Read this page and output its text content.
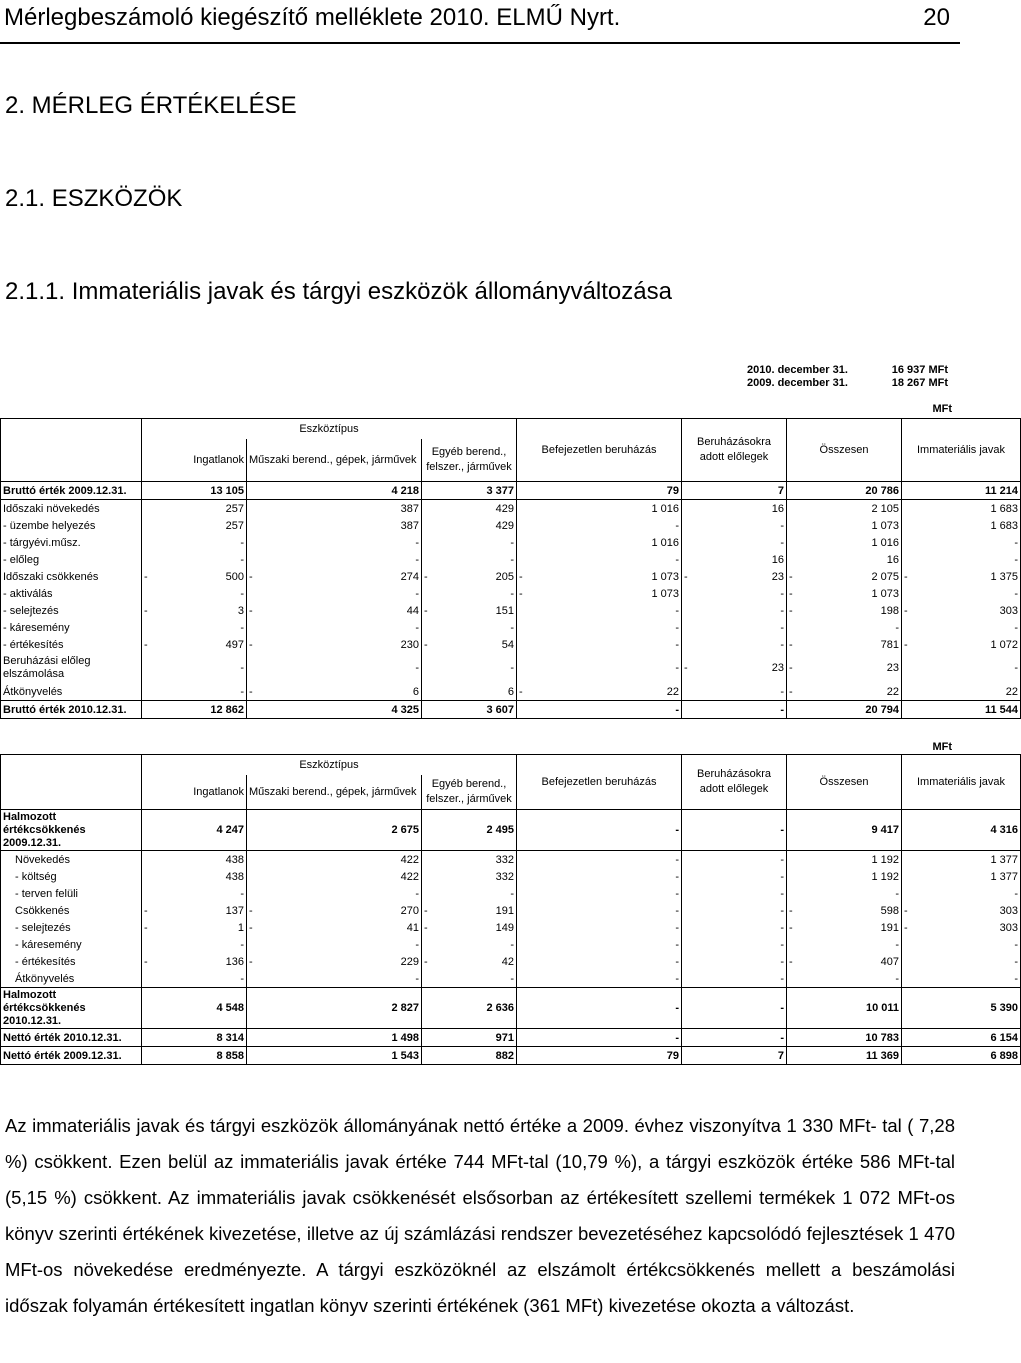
Mérlegbeszámoló kiegészítő melléklete 2010. ELMŰ Nyrt.	20
2. MÉRLEG ÉRTÉKELÉSE
2.1. ESZKÖZÖK
2.1.1. Immateriális javak és tárgyi eszközök állományváltozása
2010. december 31.	16 937 MFt
2009. december 31.	18 267 MFt
MFt
	Eszköztípus						Befejezetlen beruházás		Beruházásokra
adott előlegek		Összesen		Immateriális javak	
	Ingatlanok		Műszaki berend., gépek, járművek		Egyéb berend.,
felszer., járművek									

Bruttó érték 2009.12.31.		13 105		4 218		3 377		79		7		20 786		11 214
Időszaki növekedés		257		387		429		1 016		16		2 105		1 683
- üzembe helyezés		257		387		429		-		-		1 073		1 683
- tárgyévi.műsz.		-		-		-		1 016		-		1 016		-
- előleg		-		-		-		-		16		16		-
Időszaki csökkenés	-	500	-	274	-	205	-	1 073	-	23	-	2 075	-	1 375
- aktiválás		-		-		-	-	1 073		-	-	1 073		-
- selejtezés	-	3	-	44	-	151		-		-	-	198	-	303
- káresemény		-		-		-		-		-		-		-
- értékesítés	-	497	-	230	-	54		-		-	-	781	-	1 072
Beruházási előleg elszámolása		-		-		-		-	-	23	-	23		-
Átkönyvelés		-	-	6		6	-	22		-	-	22		22
Bruttó érték 2010.12.31.		12 862		4 325		3 607		-		-		20 794		11 544
MFt
	Eszköztípus						Befejezetlen beruházás		Beruházásokra
adott előlegek		Összesen		Immateriális javak	
	Ingatlanok		Műszaki berend., gépek, járművek		Egyéb berend.,
felszer., járművek									

Halmozott értékcsökkenés 2009.12.31.		4 247		2 675		2 495		-		-		9 417		4 316
Növekedés		438		422		332		-		-		1 192		1 377
- költség		438		422		332		-		-		1 192		1 377
- terven felüli		-		-		-		-		-		-		-
Csökkenés	-	137	-	270	-	191		-		-	-	598	-	303
- selejtezés	-	1	-	41	-	149		-		-	-	191	-	303
- káresemény		-		-		-		-		-		-		-
- értékesítés	-	136	-	229	-	42		-		-	-	407		-
Átkönyvelés		-		-		-		-		-		-		-
Halmozott értékcsökkenés 2010.12.31.		4 548		2 827		2 636		-		-		10 011		5 390
Nettó érték 2010.12.31.		8 314		1 498		971		-		-		10 783		6 154
Nettó érték 2009.12.31.		8 858		1 543		882		79		7		11 369		6 898
Az immateriális javak és tárgyi eszközök állományának nettó értéke a 2009. évhez viszonyítva 1 330 MFt- tal ( 7,28 %) csökkent. Ezen belül az immateriális javak értéke 744 MFt-tal (10,79 %), a tárgyi eszközök értéke 586 MFt-tal (5,15 %) csökkent. Az immateriális javak csökkenését elsősorban az értékesített szellemi termékek 1 072 MFt-os könyv szerinti értékének kivezetése, illetve az új számlázási rendszer bevezetéséhez kapcsolódó fejlesztések 1 470 MFt-os növekedése eredményezte. A tárgyi eszközöknél az elszámolt értékcsökkenés mellett a beszámolási időszak folyamán értékesített ingatlan könyv szerinti értékének (361 MFt) kivezetése okozta a változást.
